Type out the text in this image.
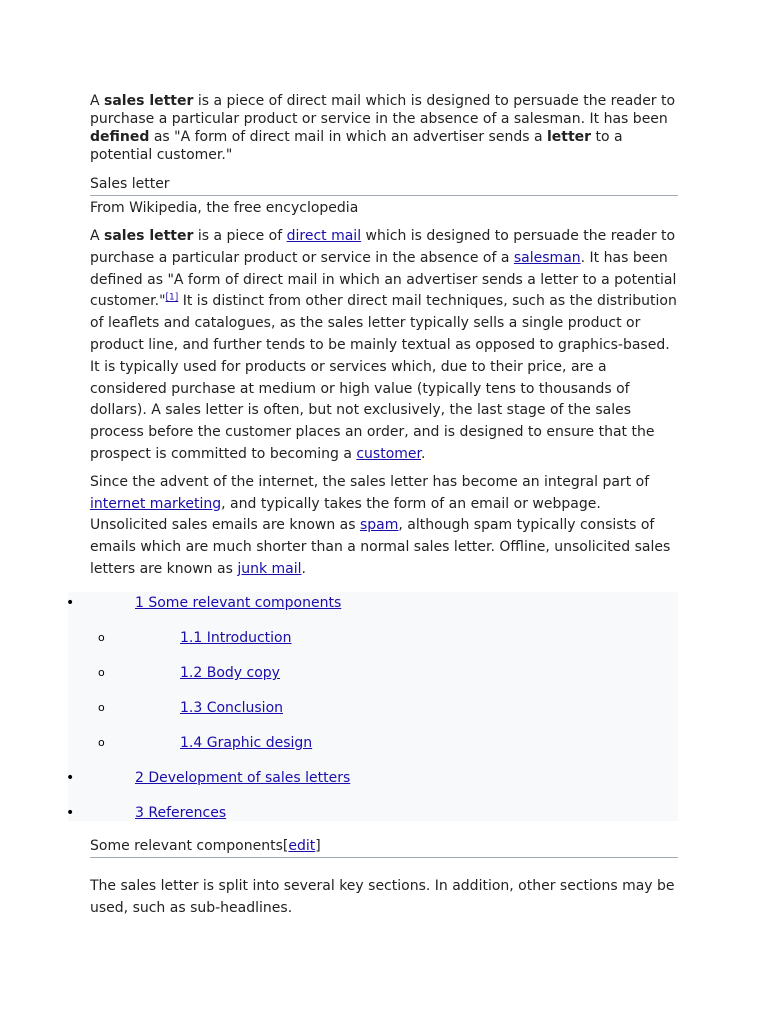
A sales letter is a piece of direct mail which is designed to persuade the reader to purchase a particular product or service in the absence of a salesman. It has been defined as "A form of direct mail in which an advertiser sends a letter to a potential customer."

Sales letter
From Wikipedia, the free encyclopedia

A sales letter is a piece of direct mail which is designed to persuade the reader to purchase a particular product or service in the absence of a salesman. It has been defined as "A form of direct mail in which an advertiser sends a letter to a potential customer."[1] It is distinct from other direct mail techniques, such as the distribution of leaflets and catalogues, as the sales letter typically sells a single product or product line, and further tends to be mainly textual as opposed to graphics-based. It is typically used for products or services which, due to their price, are a considered purchase at medium or high value (typically tens to thousands of dollars). A sales letter is often, but not exclusively, the last stage of the sales process before the customer places an order, and is designed to ensure that the prospect is committed to becoming a customer.

Since the advent of the internet, the sales letter has become an integral part of internet marketing, and typically takes the form of an email or webpage. Unsolicited sales emails are known as spam, although spam typically consists of emails which are much shorter than a normal sales letter. Offline, unsolicited sales letters are known as junk mail.

•	1 Some relevant components
o	1.1 Introduction
o	1.2 Body copy
o	1.3 Conclusion
o	1.4 Graphic design
•	2 Development of sales letters
•	3 References
Some relevant components[edit]

The sales letter is split into several key sections. In addition, other sections may be used, such as sub-headlines.
